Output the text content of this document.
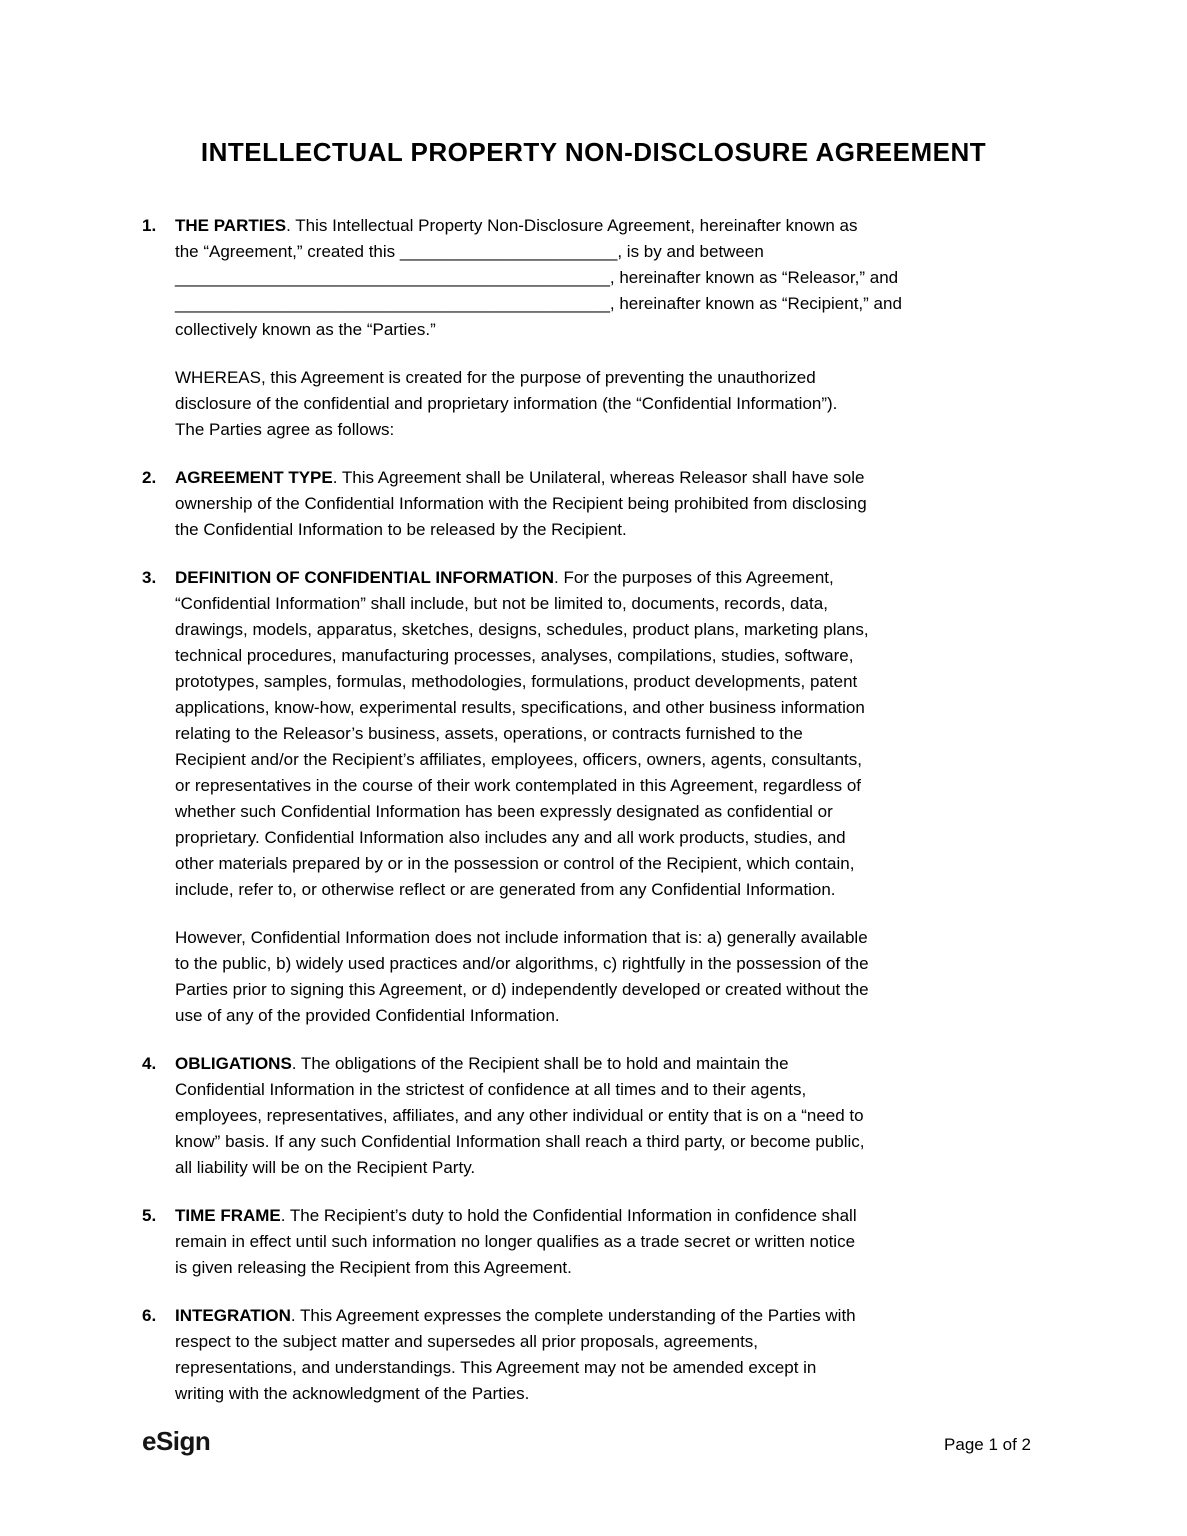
INTELLECTUAL PROPERTY NON-DISCLOSURE AGREEMENT
1.	THE PARTIES. This Intellectual Property Non-Disclosure Agreement, hereinafter known as
the “Agreement,” created this _______________________, is by and between
______________________________________________, hereinafter known as “Releasor,” and
______________________________________________, hereinafter known as “Recipient,” and
collectively known as the “Parties.”
WHEREAS, this Agreement is created for the purpose of preventing the unauthorized
disclosure of the confidential and proprietary information (the “Confidential Information”).
The Parties agree as follows:
2.	AGREEMENT TYPE. This Agreement shall be Unilateral, whereas Releasor shall have sole
ownership of the Confidential Information with the Recipient being prohibited from disclosing
the Confidential Information to be released by the Recipient.
3.	DEFINITION OF CONFIDENTIAL INFORMATION. For the purposes of this Agreement,
“Confidential Information” shall include, but not be limited to, documents, records, data,
drawings, models, apparatus, sketches, designs, schedules, product plans, marketing plans,
technical procedures, manufacturing processes, analyses, compilations, studies, software,
prototypes, samples, formulas, methodologies, formulations, product developments, patent
applications, know-how, experimental results, specifications, and other business information
relating to the Releasor’s business, assets, operations, or contracts furnished to the
Recipient and/or the Recipient’s affiliates, employees, officers, owners, agents, consultants,
or representatives in the course of their work contemplated in this Agreement, regardless of
whether such Confidential Information has been expressly designated as confidential or
proprietary. Confidential Information also includes any and all work products, studies, and
other materials prepared by or in the possession or control of the Recipient, which contain,
include, refer to, or otherwise reflect or are generated from any Confidential Information.
However, Confidential Information does not include information that is: a) generally available
to the public, b) widely used practices and/or algorithms, c) rightfully in the possession of the
Parties prior to signing this Agreement, or d) independently developed or created without the
use of any of the provided Confidential Information.
4.	OBLIGATIONS. The obligations of the Recipient shall be to hold and maintain the
Confidential Information in the strictest of confidence at all times and to their agents,
employees, representatives, affiliates, and any other individual or entity that is on a “need to
know” basis. If any such Confidential Information shall reach a third party, or become public,
all liability will be on the Recipient Party.
5.	TIME FRAME. The Recipient’s duty to hold the Confidential Information in confidence shall
remain in effect until such information no longer qualifies as a trade secret or written notice
is given releasing the Recipient from this Agreement.
6.	INTEGRATION. This Agreement expresses the complete understanding of the Parties with
respect to the subject matter and supersedes all prior proposals, agreements,
representations, and understandings. This Agreement may not be amended except in
writing with the acknowledgment of the Parties.
eSign	Page 1 of 2
